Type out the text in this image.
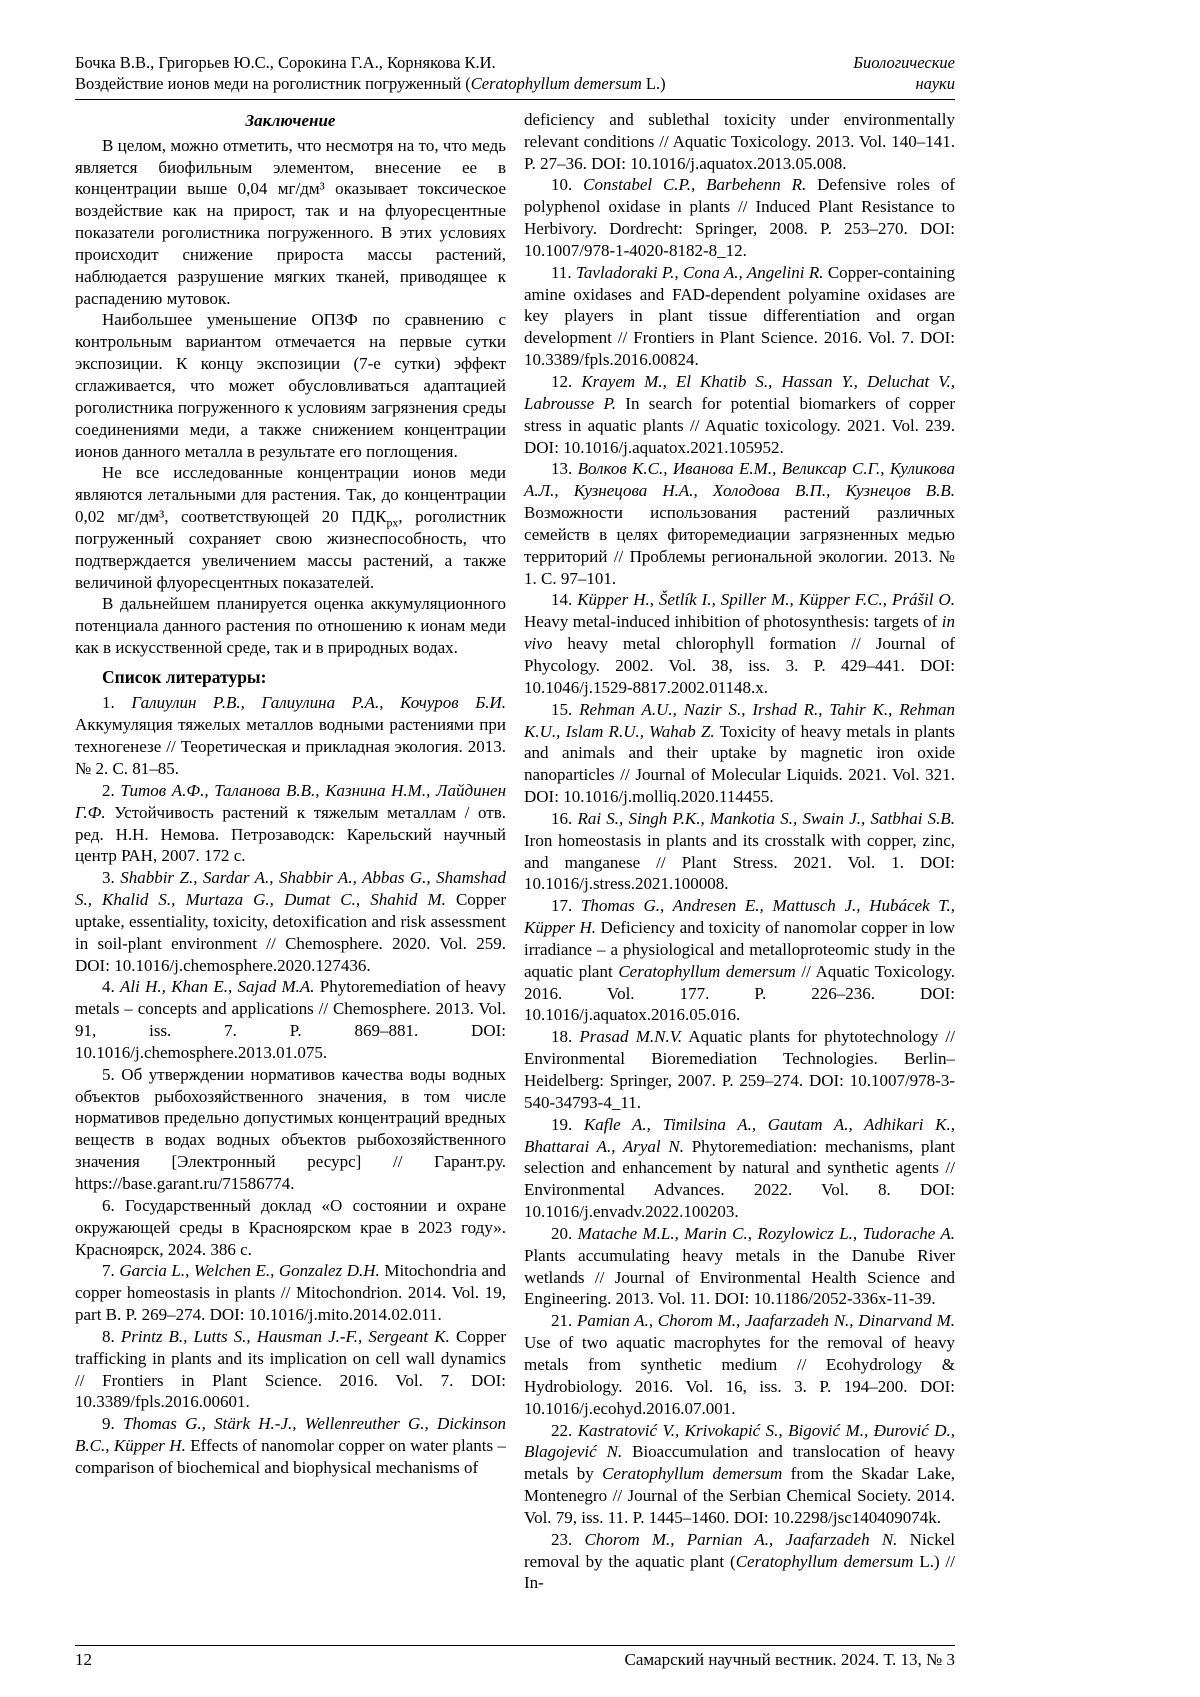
Бочка В.В., Григорьев Ю.С., Сорокина Г.А., Корнякова К.И.	Биологические
Воздействие ионов меди на роголистник погруженный (Ceratophyllum demersum L.)	науки
Заключение

В целом, можно отметить, что несмотря на то, что медь является биофильным элементом, внесение ее в концентрации выше 0,04 мг/дм³ оказывает токсическое воздействие как на прирост, так и на флуоресцентные показатели роголистника погруженного. В этих условиях происходит снижение прироста массы растений, наблюдается разрушение мягких тканей, приводящее к распадению мутовок.

Наибольшее уменьшение ОПЗФ по сравнению с контрольным вариантом отмечается на первые сутки экспозиции. К концу экспозиции (7-е сутки) эффект сглаживается, что может обусловливаться адаптацией роголистника погруженного к условиям загрязнения среды соединениями меди, а также снижением концентрации ионов данного металла в результате его поглощения.

Не все исследованные концентрации ионов меди являются летальными для растения. Так, до концентрации 0,02 мг/дм³, соответствующей 20 $ПДК_{рх}$, роголистник погруженный сохраняет свою жизнеспособность, что подтверждается увеличением массы растений, а также величиной флуоресцентных показателей.

В дальнейшем планируется оценка аккумуляционного потенциала данного растения по отношению к ионам меди как в искусственной среде, так и в природных водах.

Список литературы:

1. Галиулин Р.В., Галиулина Р.А., Кочуров Б.И. Аккумуляция тяжелых металлов водными растениями при техногенезе // Теоретическая и прикладная экология. 2013. № 2. С. 81–85.

2. Титов А.Ф., Таланова В.В., Казнина Н.М., Лайдинен Г.Ф. Устойчивость растений к тяжелым металлам / отв. ред. Н.Н. Немова. Петрозаводск: Карельский научный центр РАН, 2007. 172 с.

3. Shabbir Z., Sardar A., Shabbir A., Abbas G., Shamshad S., Khalid S., Murtaza G., Dumat C., Shahid M. Copper uptake, essentiality, toxicity, detoxification and risk assessment in soil-plant environment // Chemosphere. 2020. Vol. 259. DOI: 10.1016/j.chemosphere.2020.127436.

4. Ali H., Khan E., Sajad M.A. Phytoremediation of heavy metals – concepts and applications // Chemosphere. 2013. Vol. 91, iss. 7. P. 869–881. DOI: 10.1016/j.chemosphere.2013.01.075.

5. Об утверждении нормативов качества воды водных объектов рыбохозяйственного значения, в том числе нормативов предельно допустимых концентраций вредных веществ в водах водных объектов рыбохозяйственного значения [Электронный ресурс] // Гарант.ру. https://base.garant.ru/71586774.

6. Государственный доклад «О состоянии и охране окружающей среды в Красноярском крае в 2023 году». Красноярск, 2024. 386 с.

7. Garcia L., Welchen E., Gonzalez D.H. Mitochondria and copper homeostasis in plants // Mitochondrion. 2014. Vol. 19, part B. P. 269–274. DOI: 10.1016/j.mito.2014.02.011.

8. Printz B., Lutts S., Hausman J.-F., Sergeant K. Copper trafficking in plants and its implication on cell wall dynamics // Frontiers in Plant Science. 2016. Vol. 7. DOI: 10.3389/fpls.2016.00601.

9. Thomas G., Stärk H.-J., Wellenreuther G., Dickinson B.C., Küpper H. Effects of nanomolar copper on water plants – comparison of biochemical and biophysical mechanisms of

deficiency and sublethal toxicity under environmentally relevant conditions // Aquatic Toxicology. 2013. Vol. 140–141. P. 27–36. DOI: 10.1016/j.aquatox.2013.05.008.

10. Constabel C.P., Barbehenn R. Defensive roles of polyphenol oxidase in plants // Induced Plant Resistance to Herbivory. Dordrecht: Springer, 2008. P. 253–270. DOI: 10.1007/978-1-4020-8182-8_12.

11. Tavladoraki P., Cona A., Angelini R. Copper-containing amine oxidases and FAD-dependent polyamine oxidases are key players in plant tissue differentiation and organ development // Frontiers in Plant Science. 2016. Vol. 7. DOI: 10.3389/fpls.2016.00824.

12. Krayem M., El Khatib S., Hassan Y., Deluchat V., Labrousse P. In search for potential biomarkers of copper stress in aquatic plants // Aquatic toxicology. 2021. Vol. 239. DOI: 10.1016/j.aquatox.2021.105952.

13. Волков К.С., Иванова Е.М., Великсар С.Г., Куликова А.Л., Кузнецова Н.А., Холодова В.П., Кузнецов В.В. Возможности использования растений различных семейств в целях фиторемедиации загрязненных медью территорий // Проблемы региональной экологии. 2013. № 1. С. 97–101.

14. Küpper H., Šetlík I., Spiller M., Küpper F.C., Prášil O. Heavy metal-induced inhibition of photosynthesis: targets of in vivo heavy metal chlorophyll formation // Journal of Phycology. 2002. Vol. 38, iss. 3. P. 429–441. DOI: 10.1046/j.1529-8817.2002.01148.x.

15. Rehman A.U., Nazir S., Irshad R., Tahir K., Rehman K.U., Islam R.U., Wahab Z. Toxicity of heavy metals in plants and animals and their uptake by magnetic iron oxide nanoparticles // Journal of Molecular Liquids. 2021. Vol. 321. DOI: 10.1016/j.molliq.2020.114455.

16. Rai S., Singh P.K., Mankotia S., Swain J., Satbhai S.B. Iron homeostasis in plants and its crosstalk with copper, zinc, and manganese // Plant Stress. 2021. Vol. 1. DOI: 10.1016/j.stress.2021.100008.

17. Thomas G., Andresen E., Mattusch J., Hubácek T., Küpper H. Deficiency and toxicity of nanomolar copper in low irradiance – a physiological and metalloproteomic study in the aquatic plant Ceratophyllum demersum // Aquatic Toxicology. 2016. Vol. 177. P. 226–236. DOI: 10.1016/j.aquatox.2016.05.016.

18. Prasad M.N.V. Aquatic plants for phytotechnology // Environmental Bioremediation Technologies. Berlin–Heidelberg: Springer, 2007. P. 259–274. DOI: 10.1007/978-3-540-34793-4_11.

19. Kafle A., Timilsina A., Gautam A., Adhikari K., Bhattarai A., Aryal N. Phytoremediation: mechanisms, plant selection and enhancement by natural and synthetic agents // Environmental Advances. 2022. Vol. 8. DOI: 10.1016/j.envadv.2022.100203.

20. Matache M.L., Marin C., Rozylowicz L., Tudorache A. Plants accumulating heavy metals in the Danube River wetlands // Journal of Environmental Health Science and Engineering. 2013. Vol. 11. DOI: 10.1186/2052-336x-11-39.

21. Pamian A., Chorom M., Jaafarzadeh N., Dinarvand M. Use of two aquatic macrophytes for the removal of heavy metals from synthetic medium // Ecohydrology & Hydrobiology. 2016. Vol. 16, iss. 3. P. 194–200. DOI: 10.1016/j.ecohyd.2016.07.001.

22. Kastratović V., Krivokapić S., Bigović M., Đurović D., Blagojević N. Bioaccumulation and translocation of heavy metals by Ceratophyllum demersum from the Skadar Lake, Montenegro // Journal of the Serbian Chemical Society. 2014. Vol. 79, iss. 11. P. 1445–1460. DOI: 10.2298/jsc140409074k.

23. Chorom M., Parnian A., Jaafarzadeh N. Nickel removal by the aquatic plant (Ceratophyllum demersum L.) // In-

12	Самарский научный вестник. 2024. Т. 13, № 3
